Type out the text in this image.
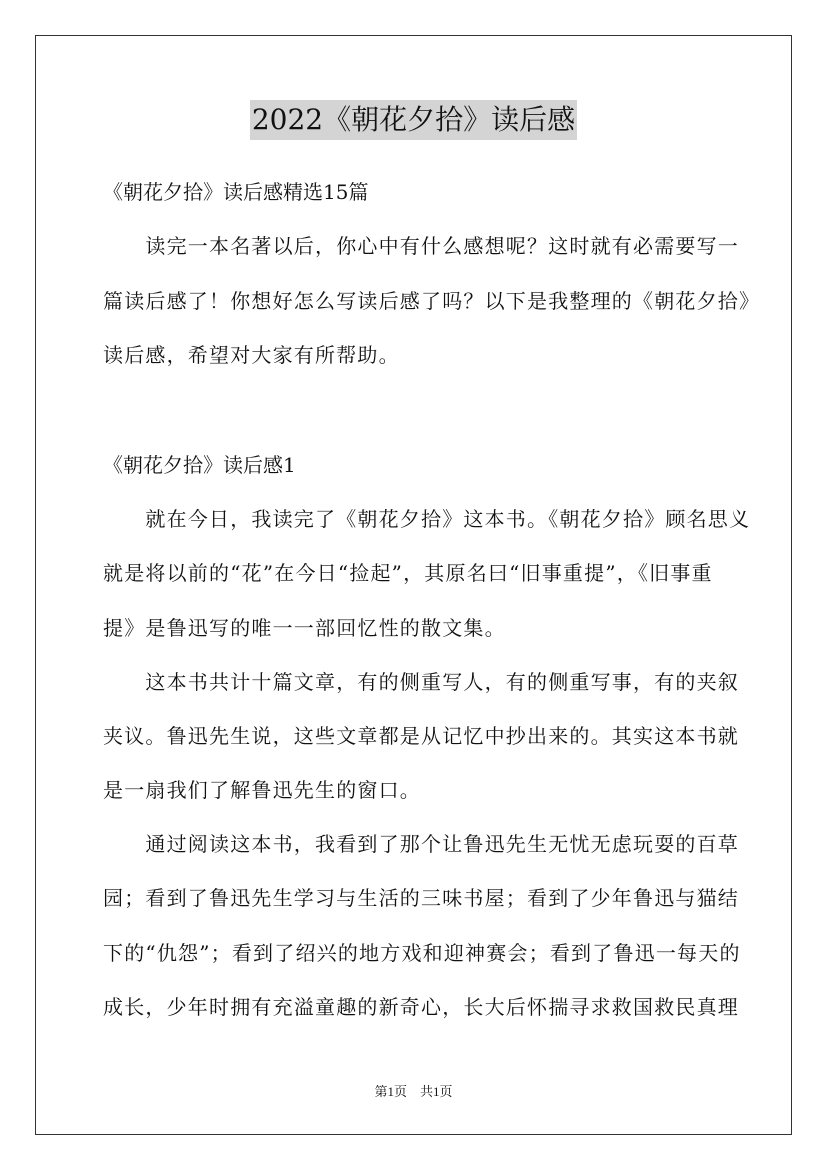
2022《朝花夕拾》读后感
《朝花夕拾》读后感精选15篇
　　读完一本名著以后，你心中有什么感想呢？这时就有必需要写一
篇读后感了！你想好怎么写读后感了吗？以下是我整理的《朝花夕拾》
读后感，希望对大家有所帮助。
《朝花夕拾》读后感1
　　就在今日，我读完了《朝花夕拾》这本书。《朝花夕拾》顾名思义
就是将以前的“花”在今日“捡起”，其原名曰“旧事重提”，《旧事重
提》是鲁迅写的唯一一部回忆性的散文集。
　　这本书共计十篇文章，有的侧重写人，有的侧重写事，有的夹叙
夹议。鲁迅先生说，这些文章都是从记忆中抄出来的。其实这本书就
是一扇我们了解鲁迅先生的窗口。
　　通过阅读这本书，我看到了那个让鲁迅先生无忧无虑玩耍的百草
园；看到了鲁迅先生学习与生活的三味书屋；看到了少年鲁迅与猫结
下的“仇怨”；看到了绍兴的地方戏和迎神赛会；看到了鲁迅一每天的
成长，少年时拥有充溢童趣的新奇心，长大后怀揣寻求救国救民真理
第1页　共1页
